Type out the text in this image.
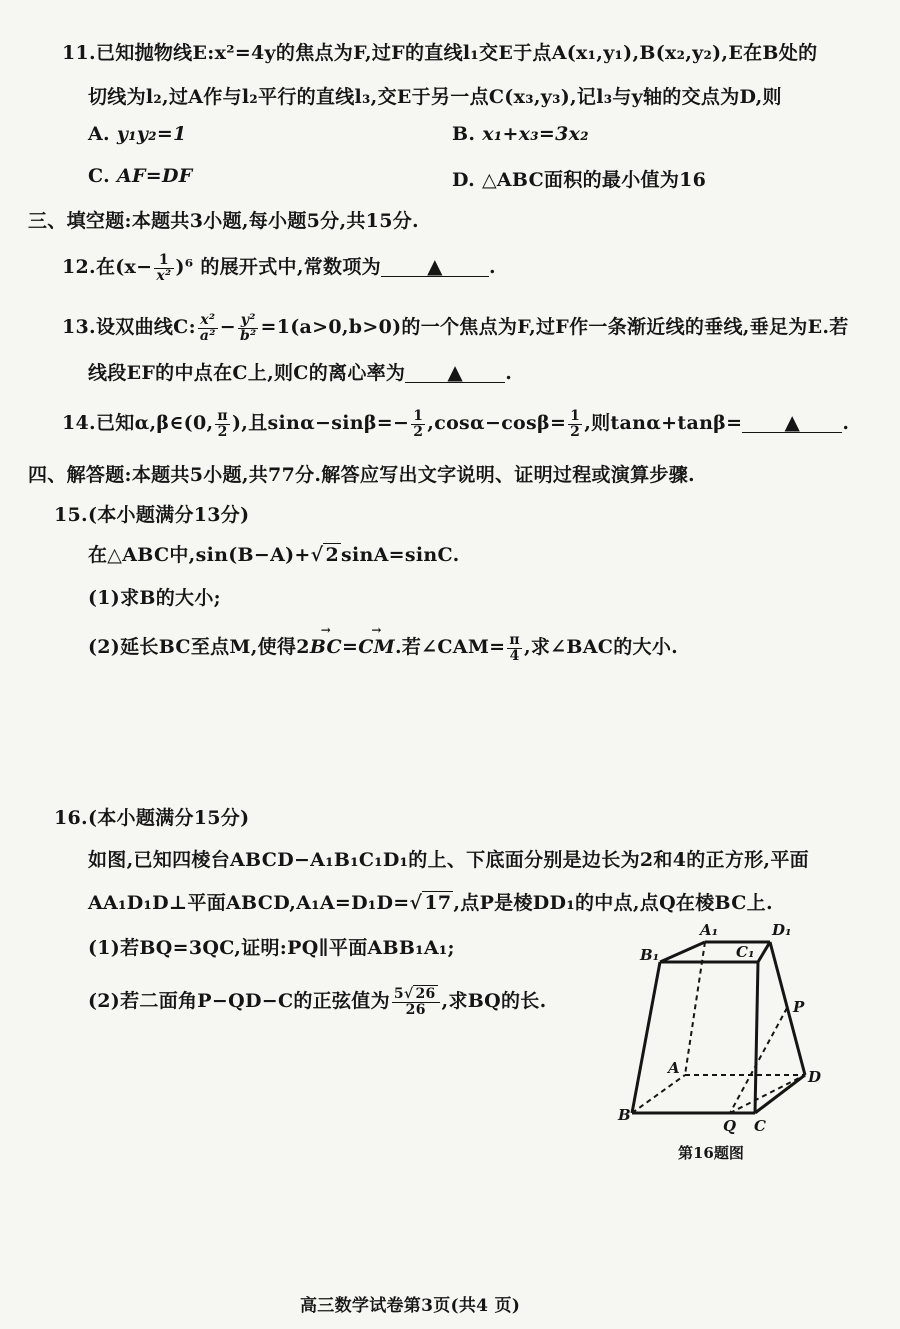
11.已知抛物线E:x²=4y的焦点为F,过F的直线l₁交E于点A(x₁,y₁),B(x₂,y₂),E在B处的
切线为l₂,过A作与l₂平行的直线l₃,交E于另一点C(x₃,y₃),记l₃与y轴的交点为D,则
A. y₁y₂=1	B. x₁+x₃=3x₂
C. AF=DF	D. △ABC面积的最小值为16
三、填空题:本题共3小题,每小题5分,共15分.
12.在$(x- \frac{1}{\text{x²}} )^6$ 的展开式中,常数项为 ▲ .
13.设双曲线C: $\frac{\text{x²}}{\text{a²}} - \frac{\text{y²}}{\text{b²}} =1(a>0,b>0)$的一个焦点为F,过F作一条渐近线的垂线,垂足为E.若
线段EF的中点在C上,则C的离心率为 ▲ .
14.已知α,β∈(0, $\frac{\pi}{2}$ ),且$\sin\alpha-\sin\beta=- \frac{1}{2} ,\cos\alpha-\cos\beta= \frac{1}{2}$ ,则tanα+tanβ= ▲ .
四、解答题:本题共5小题,共77分.解答应写出文字说明、证明过程或演算步骤.
15.(本小题满分13分)
在△ABC中,sin(B−A)+√ 2 sinA=sinC.
(1)求B的大小;
(2)延长BC至点M,使得2
→
BC=
→
CM.若∠CAM= $\frac{\pi}{4}$ ,求∠BAC的大小.
16.(本小题满分15分)
如图,已知四棱台ABCD−A₁B₁C₁D₁的上、下底面分别是边长为2和4的正方形,平面
AA₁D₁D⊥平面ABCD,A₁A=D₁D=√ 17 ,点P是棱DD₁的中点,点Q在棱BC上.
(1)若BQ=3QC,证明:PQ∥平面ABB₁A₁;
(2)若二面角P−QD−C的正弦值为 $\frac{5√ 26}{26}$ ,求BQ的长.
A₁	D₁
B₁	C₁
P
A	D
B
Q C
第16题图
高三数学试卷第3页(共4 页)
